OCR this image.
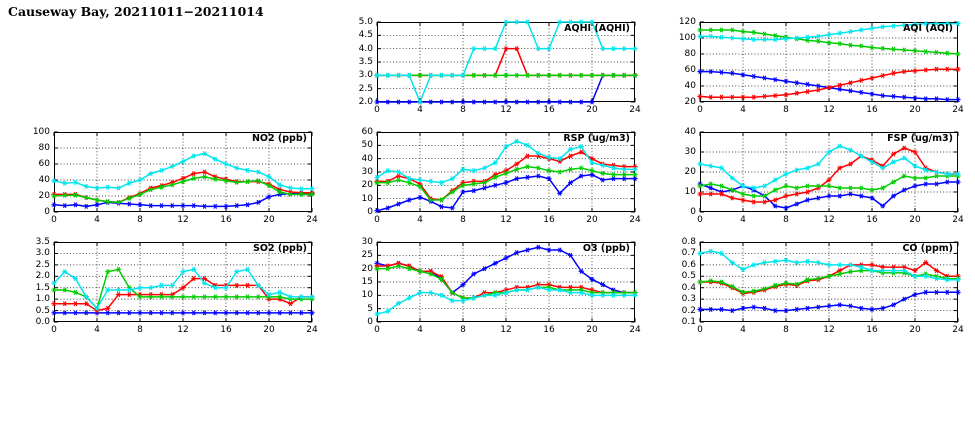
Causeway Bay, 20211011−20211014
AQHI (AQHI)
0	4	8	12	16	20	24
2.0
2.5
3.0
3.5
4.0
4.5
5.0
AQI (AQI)
0	4	8	12	16	20	24
20
40
60
80
100
120
NO2 (ppb)
0	4	8	12	16	20	24
0
20
40
60
80
100
RSP (ug/m3)
0	4	8	12	16	20	24
0
10
20
30
40
50
60
FSP (ug/m3)
0	4	8	12	16	20	24
0
10
20
30
40
SO2 (ppb)
0	4	8	12	16	20	24
0.0
0.5
1.0
1.5
2.0
2.5
3.0
3.5
O3 (ppb)
0	4	8	12	16	20	24
0
5
10
15
20
25
30
CO (ppm)
0	4	8	12	16	20	24
0.1
0.2
0.3
0.4
0.5
0.6
0.7
0.8
